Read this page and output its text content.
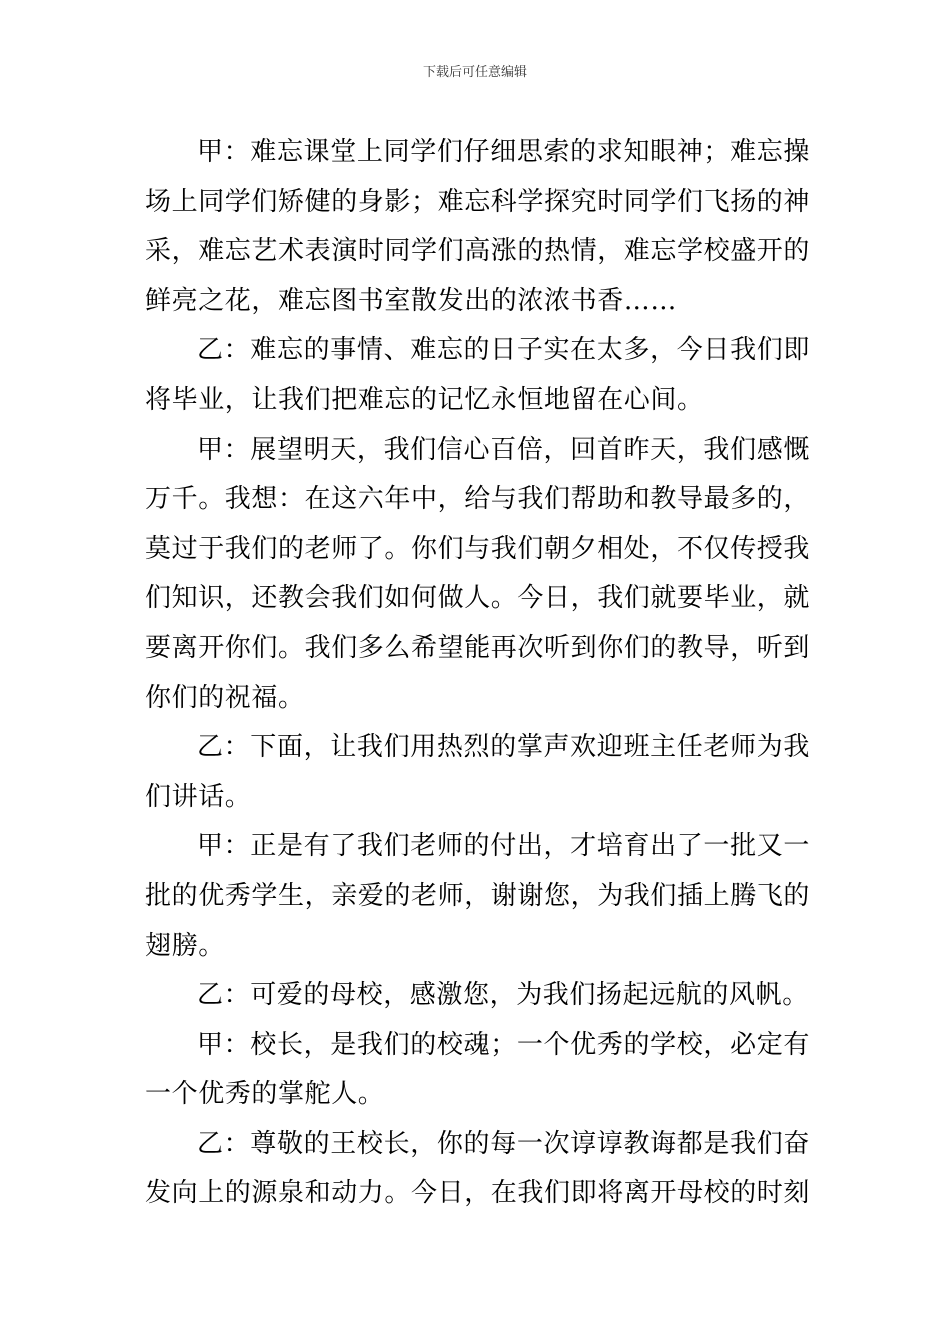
下载后可任意编辑

甲：难忘课堂上同学们仔细思索的求知眼神；难忘操场上同学们矫健的身影；难忘科学探究时同学们飞扬的神采，难忘艺术表演时同学们高涨的热情，难忘学校盛开的鲜亮之花，难忘图书室散发出的浓浓书香……

乙：难忘的事情、难忘的日子实在太多，今日我们即将毕业，让我们把难忘的记忆永恒地留在心间。

甲：展望明天，我们信心百倍，回首昨天，我们感慨万千。我想：在这六年中，给与我们帮助和教导最多的，莫过于我们的老师了。你们与我们朝夕相处，不仅传授我们知识，还教会我们如何做人。今日，我们就要毕业，就要离开你们。我们多么希望能再次听到你们的教导，听到你们的祝福。

乙：下面，让我们用热烈的掌声欢迎班主任老师为我们讲话。

甲：正是有了我们老师的付出，才培育出了一批又一批的优秀学生，亲爱的老师，谢谢您，为我们插上腾飞的翅膀。

乙：可爱的母校，感激您，为我们扬起远航的风帆。

甲：校长，是我们的校魂；一个优秀的学校，必定有一个优秀的掌舵人。

乙：尊敬的王校长，你的每一次谆谆教诲都是我们奋发向上的源泉和动力。今日，在我们即将离开母校的时刻
